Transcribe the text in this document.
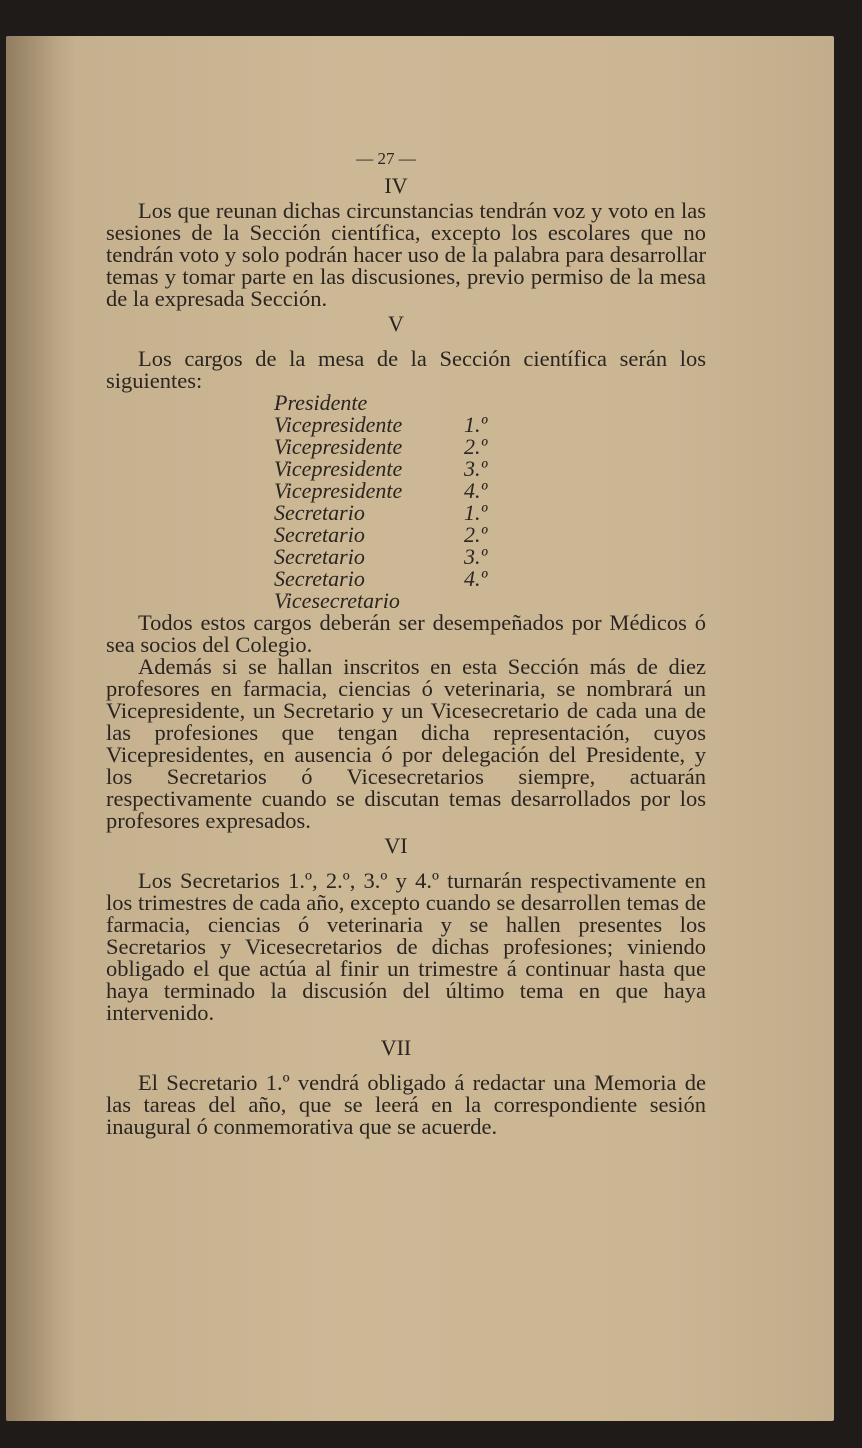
— 27 —
IV

Los que reunan dichas circunstancias tendrán voz y voto en las sesiones de la Sección científica, excepto los escolares que no tendrán voto y solo podrán hacer uso de la palabra para desarrollar temas y tomar parte en las discusiones, previo permiso de la mesa de la expresada Sección.

V

Los cargos de la mesa de la Sección científica serán los siguientes:

Presidente
Vicepresidente	1.º
Vicepresidente	2.º
Vicepresidente	3.º
Vicepresidente	4.º
Secretario	1.º
Secretario	2.º
Secretario	3.º
Secretario	4.º
Vicesecretario

Todos estos cargos deberán ser desempeñados por Médicos ó sea socios del Colegio.

Además si se hallan inscritos en esta Sección más de diez profesores en farmacia, ciencias ó veterinaria, se nombrará un Vicepresidente, un Secretario y un Vicesecretario de cada una de las profesiones que tengan dicha representación, cuyos Vicepresidentes, en ausencia ó por delegación del Presidente, y los Secretarios ó Vicesecretarios siempre, actuarán respectivamente cuando se discutan temas desarrollados por los profesores expresados.

VI

Los Secretarios 1.º, 2.º, 3.º y 4.º turnarán respectivamente en los trimestres de cada año, excepto cuando se desarrollen temas de farmacia, ciencias ó veterinaria y se hallen presentes los Secretarios y Vicesecretarios de dichas profesiones; viniendo obligado el que actúa al finir un trimestre á continuar hasta que haya terminado la discusión del último tema en que haya intervenido.

VII

El Secretario 1.º vendrá obligado á redactar una Memoria de las tareas del año, que se leerá en la correspondiente sesión inaugural ó conmemorativa que se acuerde.
